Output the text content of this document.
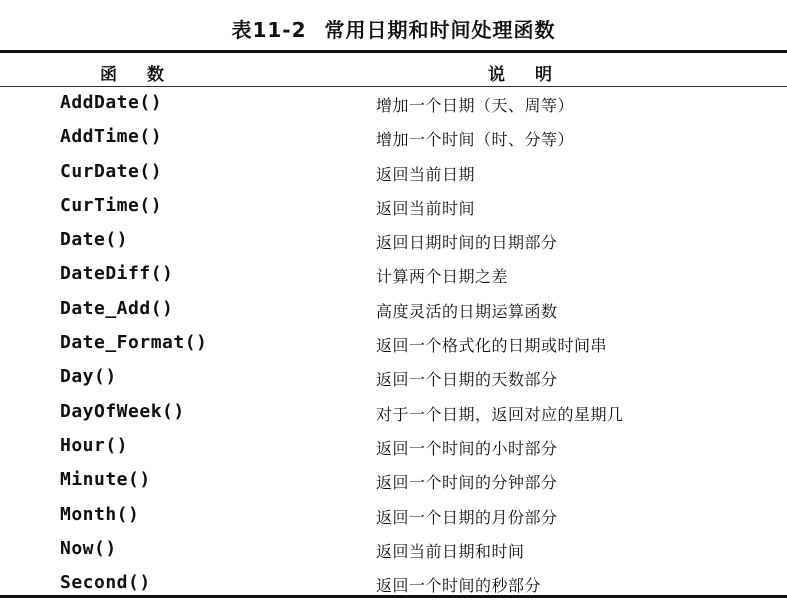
表11-2 常用日期和时间处理函数
函数	说明
AddDate()	增加一个日期（天、周等）
AddTime()	增加一个时间（时、分等）
CurDate()	返回当前日期
CurTime()	返回当前时间
Date()	返回日期时间的日期部分
DateDiff()	计算两个日期之差
Date_Add()	高度灵活的日期运算函数
Date_Format()	返回一个格式化的日期或时间串
Day()	返回一个日期的天数部分
DayOfWeek()	对于一个日期，返回对应的星期几
Hour()	返回一个时间的小时部分
Minute()	返回一个时间的分钟部分
Month()	返回一个日期的月份部分
Now()	返回当前日期和时间
Second()	返回一个时间的秒部分
